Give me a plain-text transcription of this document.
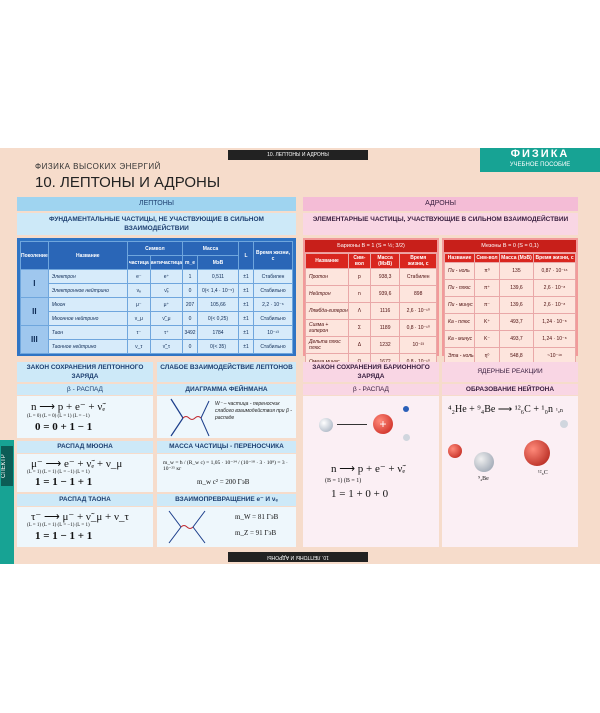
10. ЛЕПТОНЫ И АДРОНЫ
10. ЛЕПТОНЫ И АДРОНЫ
ФИЗИКА
УЧЕБНОЕ ПОСОБИЕ
ФИЗИКА ВЫСОКИХ ЭНЕРГИЙ
10. ЛЕПТОНЫ И АДРОНЫ
СПЕКТР
ЛЕПТОНЫ
ФУНДАМЕНТАЛЬНЫЕ ЧАСТИЦЫ, НЕ УЧАСТВУЮЩИЕ В СИЛЬНОМ ВЗАИМОДЕЙСТВИИ
Поколение	Название	Символ		Масса		L	Время жизни, с
		частица	античастица	m_e	МэВ		
I	Электрон	e⁻	e⁺	1	0,511	±1	Стабилен
	Электронное нейтрино	νₑ	ν̃ₑ	0	0(< 1,4 · 10⁻⁵)	±1	Стабильно
II	Мюон	μ⁻	μ⁺	207	105,66	±1	2,2 · 10⁻⁶
	Мюонное нейтрино	ν_μ	ν̃_μ	0	0(< 0,25)	±1	Стабильно
III	Таон	τ⁻	τ⁺	3492	1784	±1	10⁻¹³
	Таонное нейтрино	ν_τ	ν̃_τ	0	0(< 35)	±1	Стабильно
АДРОНЫ
ЭЛЕМЕНТАРНЫЕ ЧАСТИЦЫ, УЧАСТВУЮЩИЕ В СИЛЬНОМ ВЗАИМОДЕЙСТВИИ
Барионы B = 1 (S = ½; 3/2)
Название	Сим-вол	Масса (МэВ)	Время жизни, с
Протон	p	938,3	Стабилен
Нейтрон	n	939,6	898
Лямбда-гиперон	Λ	1116	2,6 · 10⁻¹⁰
Сигма + гиперон	Σ	1189	0,8 · 10⁻¹⁰
Дельта плюс плюс	Δ	1232	10⁻²³

Мезоны B = 0 (S = 0,1)
Название	Сим-вол	Масса (МэВ)	Время жизни, с
Пи - ноль	π⁰	135	0,87 · 10⁻¹⁶
Пи - плюс	π⁺	139,6	2,6 · 10⁻⁸
Пи - минус	π⁻	139,6	2,6 · 10⁻⁸
Ка - плюс	K⁺	493,7	1,24 · 10⁻⁸
Ка - минус	K⁻	493,7	1,24 · 10⁻⁸
Эта - ноль	η⁰	548,8	~10⁻¹⁸
ЗАКОН СОХРАНЕНИЯ ЛЕПТОННОГО ЗАРЯДА
β - РАСПАД
n ⟶ p + e⁻ + ν̃ₑ
(L = 0) (L = 0) (L = 1) (L = −1)
0 = 0 + 1 − 1
РАСПАД МЮОНА
μ⁻ ⟶ e⁻ + ν̃ₑ + ν_μ
(L = 1) (L = 1) (L = −1) (L = 1)
1 = 1 − 1 + 1
РАСПАД ТАОНА
τ⁻ ⟶ μ⁻ + ν̃_μ + ν_τ
(L = 1) (L = 1) (L = −1) (L = 1)
1 = 1 − 1 + 1
СЛАБОЕ ВЗАИМОДЕЙСТВИЕ ЛЕПТОНОВ
ДИАГРАММА ФЕЙНМАНА
W⁻ – частица - переносчик слабого взаимодействия при β - распаде
МАССА ЧАСТИЦЫ - ПЕРЕНОСЧИКА
m_w = ħ / (R_w c) = 1,05 · 10⁻³⁴ / (10⁻¹⁸ · 3 · 10⁸) = 3 · 10⁻²⁵ кг
m_w c² = 200 ГэВ
ВЗАИМОПРЕВРАЩЕНИЕ e⁻ И νₑ
m_W = 81 ГэВ
m_Z = 91 ГэВ
ЗАКОН СОХРАНЕНИЯ БАРИОННОГО ЗАРЯДА
β - РАСПАД
+
n ⟶ p + e⁻ + ν̃ₑ
(B = 1) (B = 1)
1 = 1 + 0 + 0
ЯДЕРНЫЕ РЕАКЦИИ
ОБРАЗОВАНИЕ НЕЙТРОНА
⁴₂He + ⁹₄Be ⟶ ¹²₆C + ¹₀n
⁹₄Be
¹²₆C
¹₀n
